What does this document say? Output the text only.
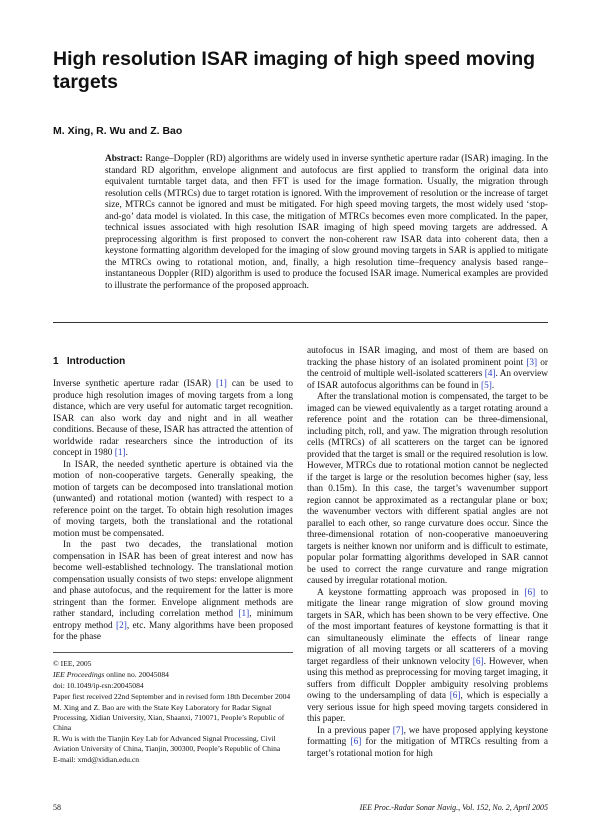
High resolution ISAR imaging of high speed moving targets
M. Xing, R. Wu and Z. Bao

Abstract: Range–Doppler (RD) algorithms are widely used in inverse synthetic aperture radar (ISAR) imaging. In the standard RD algorithm, envelope alignment and autofocus are first applied to transform the original data into equivalent turntable target data, and then FFT is used for the image formation. Usually, the migration through resolution cells (MTRCs) due to target rotation is ignored. With the improvement of resolution or the increase of target size, MTRCs cannot be ignored and must be mitigated. For high speed moving targets, the most widely used ‘stop-and-go’ data model is violated. In this case, the mitigation of MTRCs becomes even more complicated. In the paper, technical issues associated with high resolution ISAR imaging of high speed moving targets are addressed. A preprocessing algorithm is first proposed to convert the non-coherent raw ISAR data into coherent data, then a keystone formatting algorithm developed for the imaging of slow ground moving targets in SAR is applied to mitigate the MTRCs owing to rotational motion, and, finally, a high resolution time–frequency analysis based range–instantaneous Doppler (RID) algorithm is used to produce the focused ISAR image. Numerical examples are provided to illustrate the performance of the proposed approach.

1 Introduction

Inverse synthetic aperture radar (ISAR) [1] can be used to produce high resolution images of moving targets from a long distance, which are very useful for automatic target recognition. ISAR can also work day and night and in all weather conditions. Because of these, ISAR has attracted the attention of worldwide radar researchers since the introduction of its concept in 1980 [1].

In ISAR, the needed synthetic aperture is obtained via the motion of non-cooperative targets. Generally speaking, the motion of targets can be decomposed into translational motion (unwanted) and rotational motion (wanted) with respect to a reference point on the target. To obtain high resolution images of moving targets, both the translational and the rotational motion must be compensated.

In the past two decades, the translational motion compensation in ISAR has been of great interest and now has become well-established technology. The translational motion compensation usually consists of two steps: envelope alignment and phase autofocus, and the requirement for the latter is more stringent than the former. Envelope alignment methods are rather standard, including correlation method [1], minimum entropy method [2], etc. Many algorithms have been proposed for the phase

autofocus in ISAR imaging, and most of them are based on tracking the phase history of an isolated prominent point [3] or the centroid of multiple well-isolated scatterers [4]. An overview of ISAR autofocus algorithms can be found in [5].

After the translational motion is compensated, the target to be imaged can be viewed equivalently as a target rotating around a reference point and the rotation can be three-dimensional, including pitch, roll, and yaw. The migration through resolution cells (MTRCs) of all scatterers on the target can be ignored provided that the target is small or the required resolution is low. However, MTRCs due to rotational motion cannot be neglected if the target is large or the resolution becomes higher (say, less than 0.15m). In this case, the target’s wavenumber support region cannot be approximated as a rectangular plane or box; the wavenumber vectors with different spatial angles are not parallel to each other, so range curvature does occur. Since the three-dimensional rotation of non-cooperative manoeuvering targets is neither known nor uniform and is difficult to estimate, popular polar formatting algorithms developed in SAR cannot be used to correct the range curvature and range migration caused by irregular rotational motion.

A keystone formatting approach was proposed in [6] to mitigate the linear range migration of slow ground moving targets in SAR, which has been shown to be very effective. One of the most important features of keystone formatting is that it can simultaneously eliminate the effects of linear range migration of all moving targets or all scatterers of a moving target regardless of their unknown velocity [6]. However, when using this method as preprocessing for moving target imaging, it suffers from difficult Doppler ambiguity resolving problems owing to the undersampling of data [6], which is especially a very serious issue for high speed moving targets considered in this paper.

In a previous paper [7], we have proposed applying keystone formatting [6] for the mitigation of MTRCs resulting from a target’s rotational motion for high

© IEE, 2005

IEE Proceedings online no. 20045084

doi: 10.1049/ip-rsn:20045084

Paper first received 22nd September and in revised form 18th December 2004

M. Xing and Z. Bao are with the State Key Laboratory for Radar Signal Processing, Xidian University, Xian, Shaanxi, 710071, People’s Republic of China

R. Wu is with the Tianjin Key Lab for Advanced Signal Processing, Civil Aviation University of China, Tianjin, 300300, People’s Republic of China

E-mail: xmd@xidian.edu.cn

58	IEE Proc.-Radar Sonar Navig., Vol. 152, No. 2, April 2005
